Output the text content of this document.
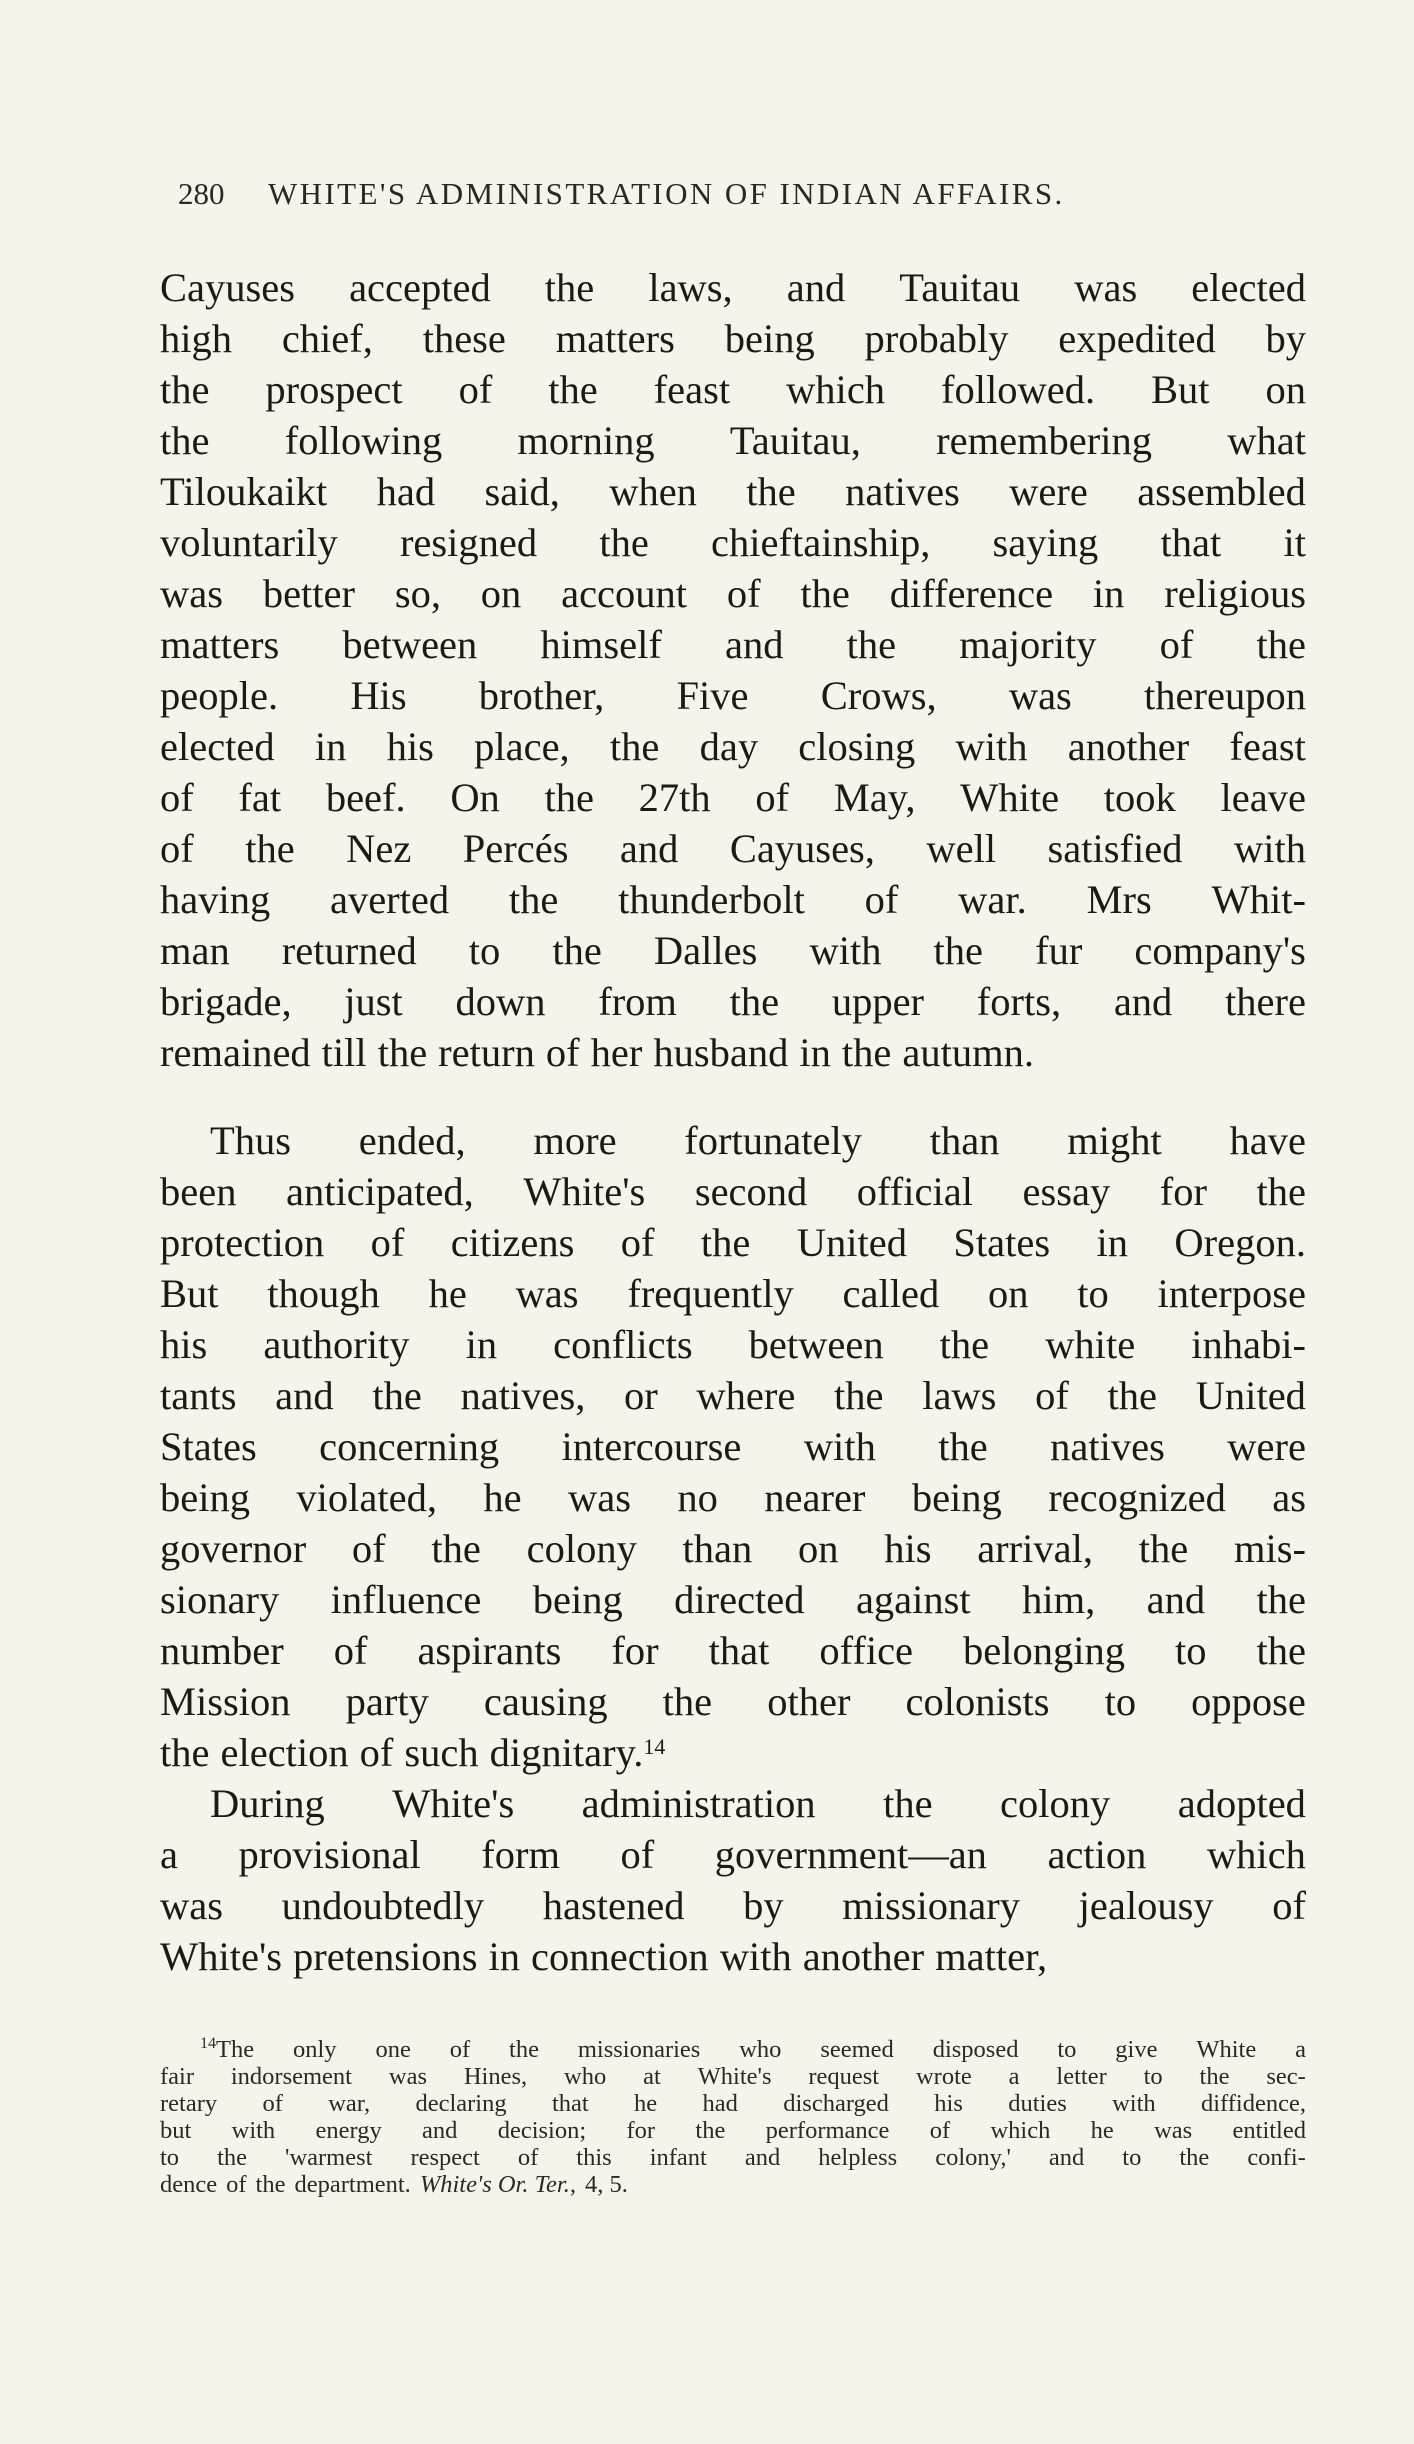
280	WHITE'S ADMINISTRATION OF INDIAN AFFAIRS.
Cayuses accepted the laws, and Tauitau was elected
high chief, these matters being probably expedited by
the prospect of the feast which followed. But on
the following morning Tauitau, remembering what
Tiloukaikt had said, when the natives were assembled
voluntarily resigned the chieftainship, saying that it
was better so, on account of the difference in religious
matters between himself and the majority of the
people. His brother, Five Crows, was thereupon
elected in his place, the day closing with another feast
of fat beef. On the 27th of May, White took leave
of the Nez Percés and Cayuses, well satisfied with
having averted the thunderbolt of war. Mrs Whit-
man returned to the Dalles with the fur company's
brigade, just down from the upper forts, and there
remained till the return of her husband in the autumn.
Thus ended, more fortunately than might have
been anticipated, White's second official essay for the
protection of citizens of the United States in Oregon.
But though he was frequently called on to interpose
his authority in conflicts between the white inhabi-
tants and the natives, or where the laws of the United
States concerning intercourse with the natives were
being violated, he was no nearer being recognized as
governor of the colony than on his arrival, the mis-
sionary influence being directed against him, and the
number of aspirants for that office belonging to the
Mission party causing the other colonists to oppose
the election of such dignitary.$^{14}$
During White's administration the colony adopted
a provisional form of government—an action which
was undoubtedly hastened by missionary jealousy of
White's pretensions in connection with another matter,
$^{14}$The only one of the missionaries who seemed disposed to give White a
fair indorsement was Hines, who at White's request wrote a letter to the sec-
retary of war, declaring that he had discharged his duties with diffidence,
but with energy and decision; for the performance of which he was entitled
to the 'warmest respect of this infant and helpless colony,' and to the confi-
dence of the department. White's Or. Ter., 4, 5.
